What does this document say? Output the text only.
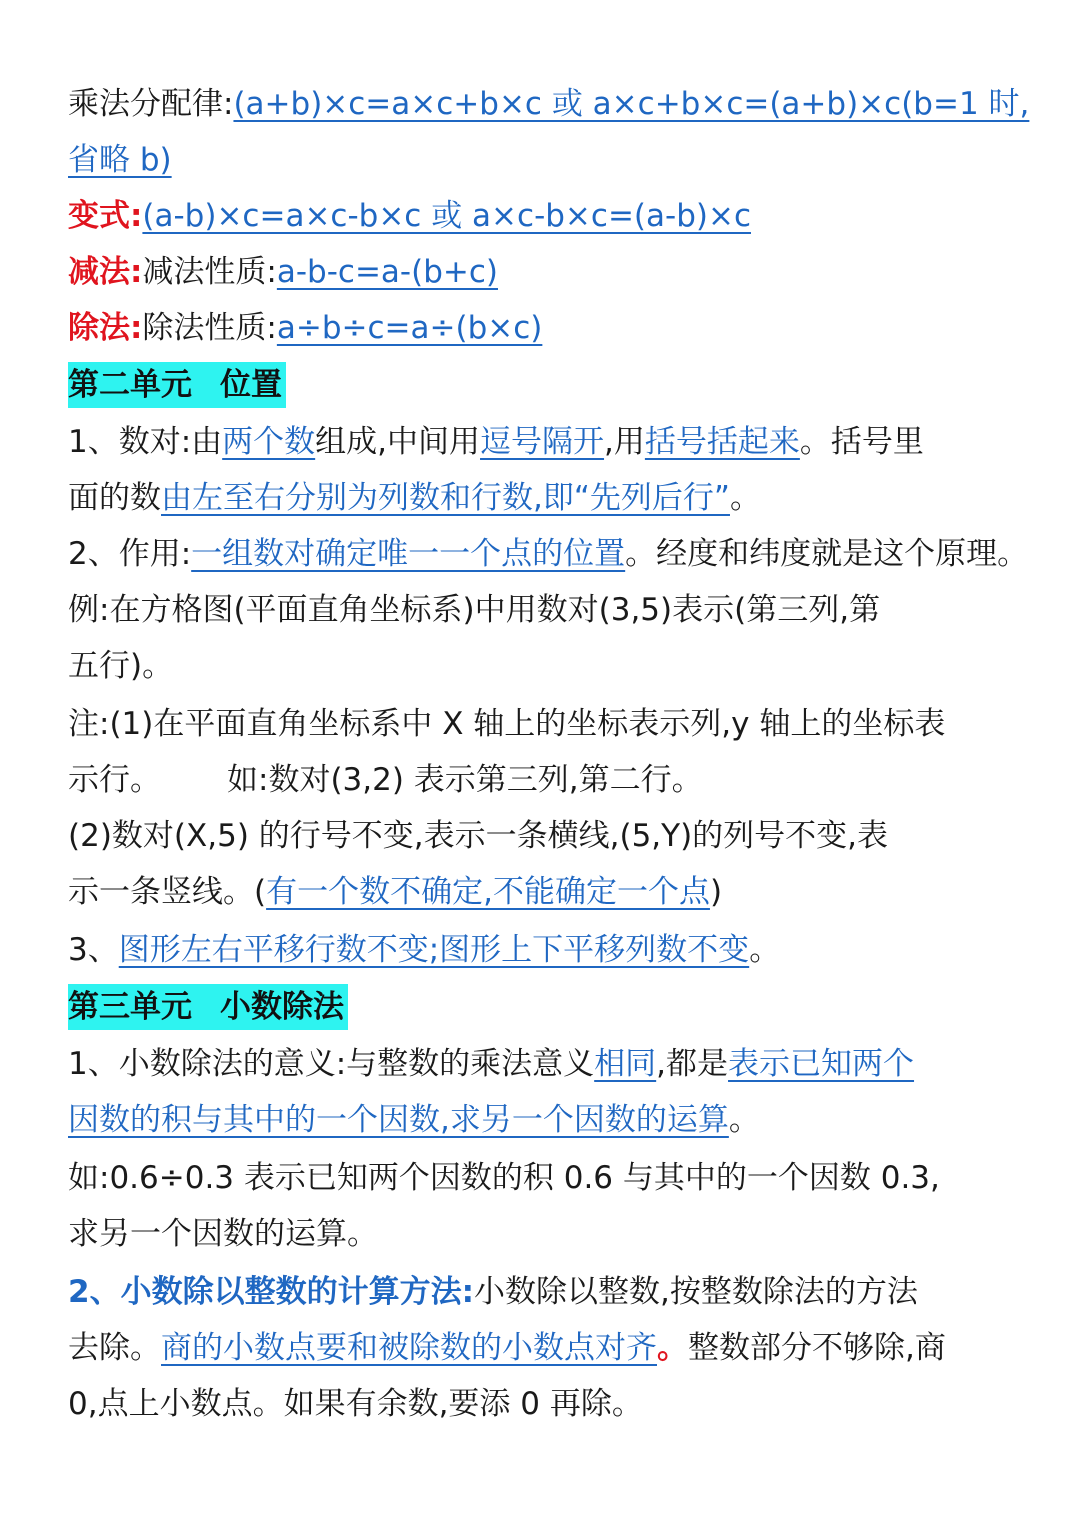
乘法分配律:(a+b)×c=a×c+b×c 或 a×c+b×c=(a+b)×c(b=1 时,
省略 b)
变式:(a-b)×c=a×c-b×c 或 a×c-b×c=(a-b)×c
减法:减法性质:a-b-c=a-(b+c)
除法:除法性质:a÷b÷c=a÷(b×c)
第二单元 位置
1、数对:由两个数组成,中间用逗号隔开,用括号括起来。括号里
面的数由左至右分别为列数和行数,即“先列后行”。
2、作用:一组数对确定唯一一个点的位置。经度和纬度就是这个原理。
例:在方格图(平面直角坐标系)中用数对(3,5)表示(第三列,第
五行)。
注:(1)在平面直角坐标系中 X 轴上的坐标表示列,y 轴上的坐标表
示行。 如:数对(3,2) 表示第三列,第二行。
(2)数对(X,5) 的行号不变,表示一条横线,(5,Y)的列号不变,表
示一条竖线。(有一个数不确定,不能确定一个点)
3、图形左右平移行数不变;图形上下平移列数不变。
第三单元 小数除法
1、小数除法的意义:与整数的乘法意义相同,都是表示已知两个
因数的积与其中的一个因数,求另一个因数的运算。
如:0.6÷0.3 表示已知两个因数的积 0.6 与其中的一个因数 0.3,
求另一个因数的运算。
2、小数除以整数的计算方法:小数除以整数,按整数除法的方法
去除。商的小数点要和被除数的小数点对齐。整数部分不够除,商
0,点上小数点。如果有余数,要添 0 再除。
